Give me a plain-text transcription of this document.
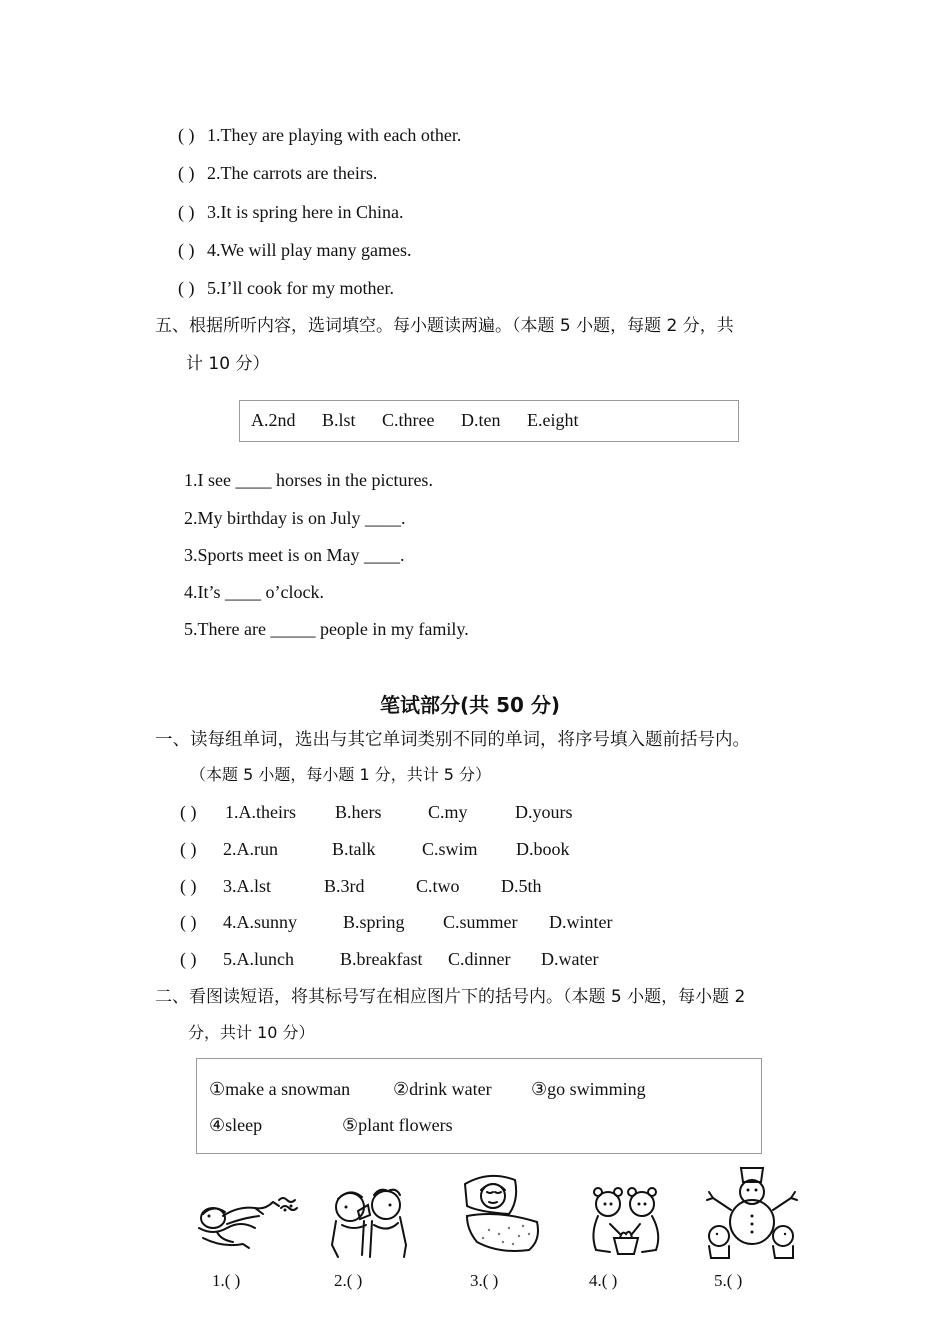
( ) 1.They are playing with each other.
( ) 2.The carrots are theirs.
( ) 3.It is spring here in China.
( ) 4.We will play many games.
( ) 5.I’ll cook for my mother.
五、根据所听内容，选词填空。每小题读两遍。（本题 5 小题，每题 2 分，共
计 10 分）
A.2nd B.lst C.three D.ten E.eight
1.I see ____ horses in the pictures.
2.My birthday is on July ____.
3.Sports meet is on May ____.
4.It’s ____ o’clock.
5.There are _____ people in my family.
笔试部分(共 50 分)
一、读每组单词，选出与其它单词类别不同的单词，将序号填入题前括号内。
（本题 5 小题，每小题 1 分，共计 5 分）
( ) 1.A.theirs B.hers	C.my	D.yours
( ) 2.A.run	B.talk	C.swim D.book
( ) 3.A.lst	B.3rd	C.two D.5th
( ) 4.A.sunny	B.spring C.summer D.winter
( ) 5.A.lunch	B.breakfast C.dinner D.water
二、看图读短语，将其标号写在相应图片下的括号内。（本题 5 小题，每小题 2
分，共计 10 分）
①make a snowman ②drink water ③go swimming
④sleep	⑤plant flowers
1.( )	2.( )	3.( )	4.( )	5.( )
